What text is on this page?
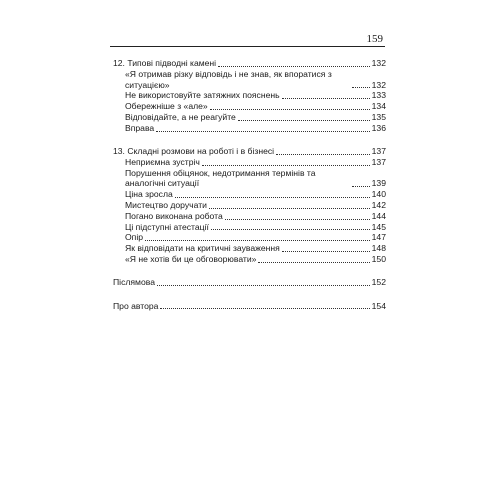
159
12. Типові підводні камені	132
«Я отримав різку відповідь і не знав, як впоратися з ситуацією»	132
Не використовуйте затяжних пояснень	133
Обережніше з «але»	134
Відповідайте, а не реагуйте	135
Вправа	136
13. Складні розмови на роботі і в бізнесі	137
Неприємна зустріч	137
Порушення обіцянок, недотримання термінів та аналогічні ситуації	139
Ціна зросла	140
Мистецтво доручати	142
Погано виконана робота	144
Ці підступні атестації	145
Опір	147
Як відповідати на критичні зауваження	148
«Я не хотів би це обговорювати»	150
Післямова	152
Про автора	154
